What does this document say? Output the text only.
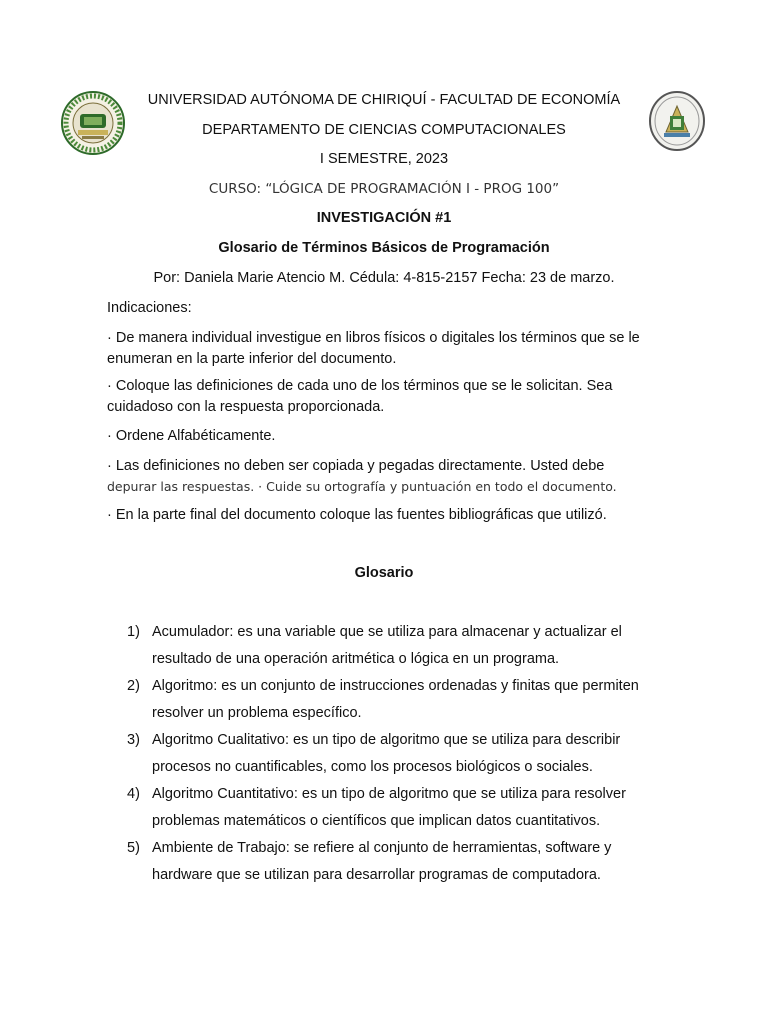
UNIVERSIDAD AUTÓNOMA DE CHIRIQUÍ - FACULTAD DE ECONOMÍA
DEPARTAMENTO DE CIENCIAS COMPUTACIONALES
I SEMESTRE, 2023
CURSO: “LÓGICA DE PROGRAMACIÓN I - PROG 100”
INVESTIGACIÓN #1
Glosario de Términos Básicos de Programación
Por: Daniela Marie Atencio M. Cédula: 4-815-2157 Fecha: 23 de marzo.
Indicaciones:
· De manera individual investigue en libros físicos o digitales los términos que se le enumeran en la parte inferior del documento.
· Coloque las definiciones de cada uno de los términos que se le solicitan. Sea cuidadoso con la respuesta proporcionada.
· Ordene Alfabéticamente.
· Las definiciones no deben ser copiada y pegadas directamente. Usted debe
depurar las respuestas. · Cuide su ortografía y puntuación en todo el documento.
· En la parte final del documento coloque las fuentes bibliográficas que utilizó.
Glosario
1) Acumulador: es una variable que se utiliza para almacenar y actualizar el resultado de una operación aritmética o lógica en un programa.
2) Algoritmo: es un conjunto de instrucciones ordenadas y finitas que permiten resolver un problema específico.
3) Algoritmo Cualitativo: es un tipo de algoritmo que se utiliza para describir procesos no cuantificables, como los procesos biológicos o sociales.
4) Algoritmo Cuantitativo: es un tipo de algoritmo que se utiliza para resolver problemas matemáticos o científicos que implican datos cuantitativos.
5) Ambiente de Trabajo: se refiere al conjunto de herramientas, software y hardware que se utilizan para desarrollar programas de computadora.
